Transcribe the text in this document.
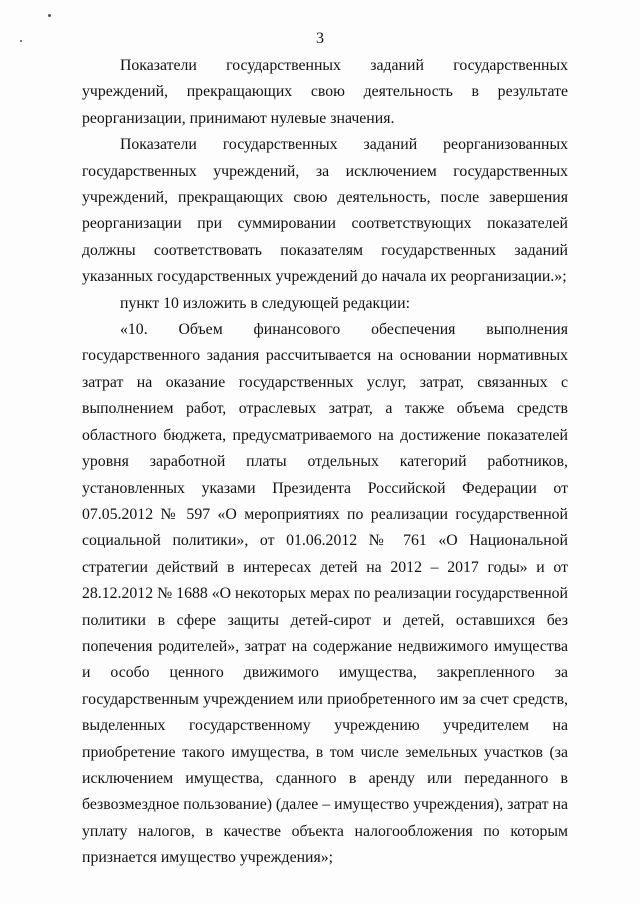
3

Показатели государственных заданий государственных учреждений, прекращающих свою деятельность в результате реорганизации, принимают нулевые значения.

Показатели государственных заданий реорганизованных государственных учреждений, за исключением государственных учреждений, прекращающих свою деятельность, после завершения реорганизации при суммировании соответствующих показателей должны соответствовать показателям государственных заданий указанных государственных учреждений до начала их реорганизации.»;

пункт 10 изложить в следующей редакции:

«10. Объем финансового обеспечения выполнения государственного задания рассчитывается на основании нормативных затрат на оказание государственных услуг, затрат, связанных с выполнением работ, отраслевых затрат, а также объема средств областного бюджета, предусматриваемого на достижение показателей уровня заработной платы отдельных категорий работников, установленных указами Президента Российской Федерации от 07.05.2012 № 597 «О мероприятиях по реализации государственной социальной политики», от 01.06.2012 № 761 «О Национальной стратегии действий в интересах детей на 2012 – 2017 годы» и от 28.12.2012 № 1688 «О некоторых мерах по реализации государственной политики в сфере защиты детей-сирот и детей, оставшихся без попечения родителей», затрат на содержание недвижимого имущества и особо ценного движимого имущества, закрепленного за государственным учреждением или приобретенного им за счет средств, выделенных государственному учреждению учредителем на приобретение такого имущества, в том числе земельных участков (за исключением имущества, сданного в аренду или переданного в безвозмездное пользование) (далее – имущество учреждения), затрат на уплату налогов, в качестве объекта налогообложения по которым признается имущество учреждения»;
